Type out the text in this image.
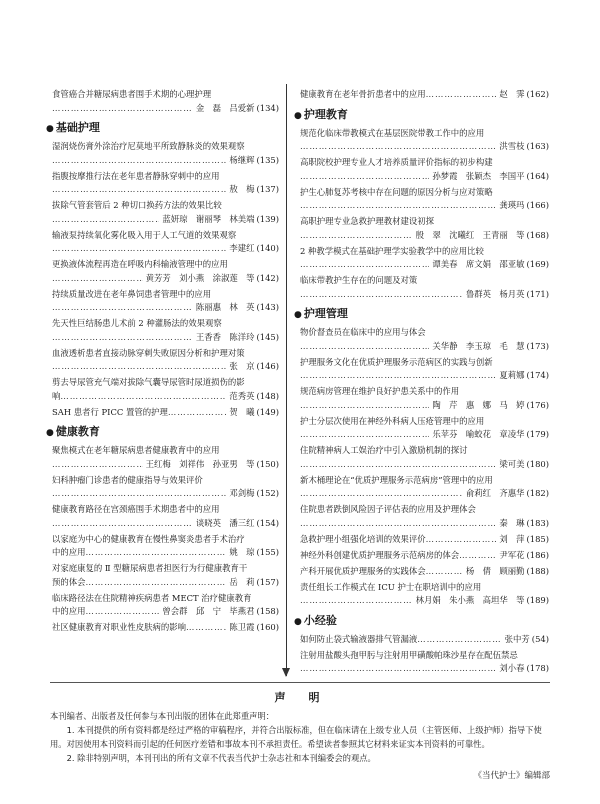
食管癌合并糖尿病患者围手术期的心理护理
……………………………………………………………………………………………………………………
金　磊　吕爱新 (134)
● 基础护理
湿润烧伤膏外涂治疗尼莫地平所致静脉炎的效果观察
……………………………………………………………………………………………………………………
杨继辉 (135)
指腹按摩推行法在老年患者静脉穿刺中的应用
……………………………………………………………………………………………………………………
敖　梅 (137)
拔除气管套管后 2 种切口换药方法的效果比较
……………………………………………………………………………………………………………………
蓝妍琼　谢丽琴　林美端 (139)
输液泵持续氧化雾化吸入用于人工气道的效果观察
……………………………………………………………………………………………………………………
李建红 (140)
更换液体流程再造在呼吸内科输液管理中的应用
……………………………………………………………………………………………………………………
黄芳芳　刘小燕　涂淑莲　等 (142)
持续质量改进在老年鼻饲患者管理中的应用
……………………………………………………………………………………………………………………
陈丽惠　林　英 (143)
先天性巨结肠患儿术前 2 种灌肠法的效果观察
……………………………………………………………………………………………………………………
王香香　陈洋玲 (145)
血液透析患者直接动脉穿刺失败原因分析和护理对策
……………………………………………………………………………………………………………………
张　京 (146)
剪去导尿管充气端对拔除气囊导尿管时尿道损伤的影
响 ……………………………………………………………………………………………………………………	范秀英 (148)
SAH 患者行 PICC 置管的护理 ……………………………………………………………………………………………………………………	贺　曦 (149)
● 健康教育
聚焦模式在老年糖尿病患者健康教育中的应用
……………………………………………………………………………………………………………………
王红梅　刘祥伟　孙亚男　等 (150)
妇科肿瘤门诊患者的健康指导与效果评价
……………………………………………………………………………………………………………………
邓剑梅 (152)
健康教育路径在宫颈癌围手术期患者中的应用
……………………………………………………………………………………………………………………
谈晓英　潘三红 (154)
以家庭为中心的健康教育在慢性鼻窦炎患者手术治疗
中的应用 ……………………………………………………………………………………………………………………	姚　琼 (155)
对家庭康复的 Ⅱ 型糖尿病患者担医行为行健康教育干
预的体会 ……………………………………………………………………………………………………………………	岳　莉 (157)
临床路径法在住院精神疾病患者 MECT 治疗健康教育
中的应用 ……………………………………………………………………………………………………………………	曾会群　邱　宁　毕燕君 (158)
社区健康教育对职业性皮肤病的影响 ……………………………………………………………………………………………………………………	陈卫霞 (160)
健康教育在老年骨折患者中的应用 ……………………………………………………………………………………………………………………	赵　霁 (162)
● 护理教育
规范化临床带教模式在基层医院带教工作中的应用
……………………………………………………………………………………………………………………
洪雪枝 (163)
高职院校护理专业人才培养质量评价指标的初步构建
……………………………………………………………………………………………………………………
孙梦霞　张颖杰　李国平 (164)
护生心肺复苏考核中存在问题的原因分析与应对策略
……………………………………………………………………………………………………………………
龚瑛玛 (166)
高职护理专业急救护理教材建设初探
……………………………………………………………………………………………………………………
殷　翠　沈曦红　王青丽　等 (168)
2 种教学模式在基础护理学实验教学中的应用比较
……………………………………………………………………………………………………………………
谭美春　席文娟　邵亚敏 (169)
临床带教护生存在的问题及对策
……………………………………………………………………………………………………………………
鲁群英　杨月英 (171)
● 护理管理
物价督查员在临床中的应用与体会
……………………………………………………………………………………………………………………
关华静　李玉琼　毛　慧 (173)
护理服务文化在优质护理服务示范病区的实践与创新
……………………………………………………………………………………………………………………
夏莉娜 (174)
规范病房管理在维护良好护患关系中的作用
……………………………………………………………………………………………………………………
陶　芹　惠　娜　马　婷 (176)
护士分层次使用在神经外科病人压疮管理中的应用
……………………………………………………………………………………………………………………
乐苹芬　喻蛟花　章凌华 (179)
住院精神病人工娱治疗中引入激励机制的探讨
……………………………………………………………………………………………………………………
梁可美 (180)
新木桶理论在“优质护理服务示范病房”管理中的应用
……………………………………………………………………………………………………………………
俞莉红　齐惠华 (182)
住院患者跌倒风险因子评估表的应用及护理体会
……………………………………………………………………………………………………………………
秦　琳 (183)
急救护理小组强化培训的效果评价 ……………………………………………………………………………………………………………………	刘　萍 (185)
神经外科创建优质护理服务示范病房的体会 ……………………………………………………………………………………………………………………	尹军花 (186)
产科开展优质护理服务的实践体会 ……………………………………………………………………………………………………………………	杨　倩　顾丽勤 (188)
责任组长工作模式在 ICU 护士在职培训中的应用
……………………………………………………………………………………………………………………
林月娟　朱小燕　高坦华　等 (189)
● 小经验
如何防止袋式输液器排气管漏液 ……………………………………………………………………………………………………………………	张中芳 (54)
注射用盐酸头孢甲肟与注射用甲磺酸帕珠沙星存在配伍禁忌
……………………………………………………………………………………………………………………
刘小春 (178)
声　明

本刊编者、出版者及任何参与本刊出版的团体在此郑重声明：

1. 本刊提供的所有资料都是经过严格的审稿程序，并符合出版标准，但在临床请在上级专业人员（主管医师、上级护师）指导下使用。对因使用本刊资料而引起的任何医疗差错和事故本刊不承担责任。希望读者参照其它材料来证实本刊资料的可靠性。

2. 除非特别声明，本刊刊出的所有文章不代表当代护士杂志社和本刊编委会的观点。

《当代护士》编辑部
